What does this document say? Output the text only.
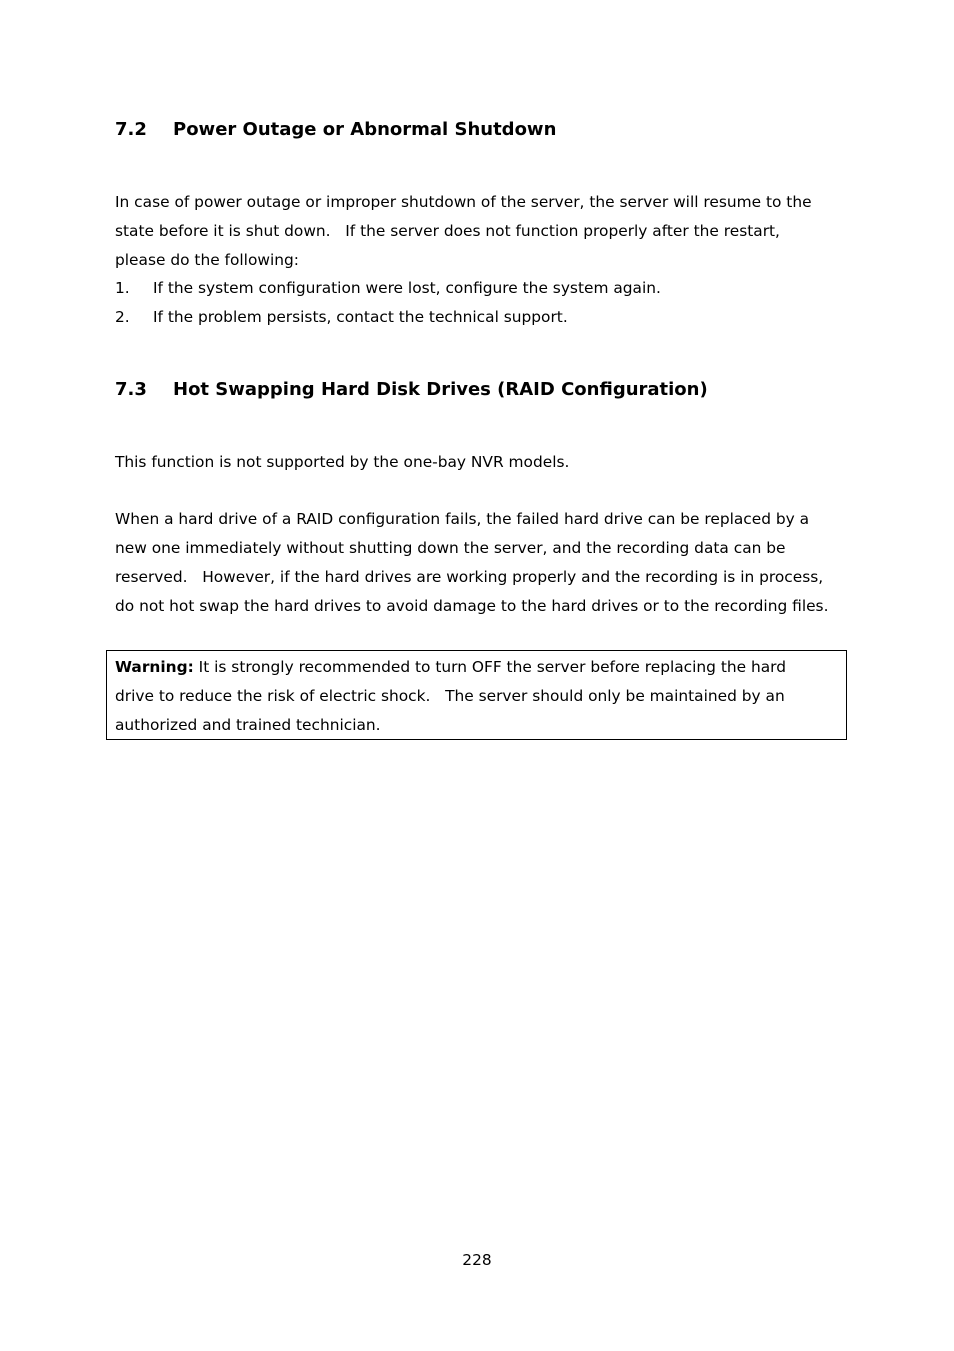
7.2 Power Outage or Abnormal Shutdown
In case of power outage or improper shutdown of the server, the server will resume to the
state before it is shut down.   If the server does not function properly after the restart,
please do the following:
1. If the system configuration were lost, configure the system again.
2. If the problem persists, contact the technical support.
7.3 Hot Swapping Hard Disk Drives (RAID Configuration)
This function is not supported by the one-bay NVR models.
When a hard drive of a RAID configuration fails, the failed hard drive can be replaced by a
new one immediately without shutting down the server, and the recording data can be
reserved.   However, if the hard drives are working properly and the recording is in process,
do not hot swap the hard drives to avoid damage to the hard drives or to the recording files.
Warning: It is strongly recommended to turn OFF the server before replacing the hard
drive to reduce the risk of electric shock.   The server should only be maintained by an
authorized and trained technician.
228
